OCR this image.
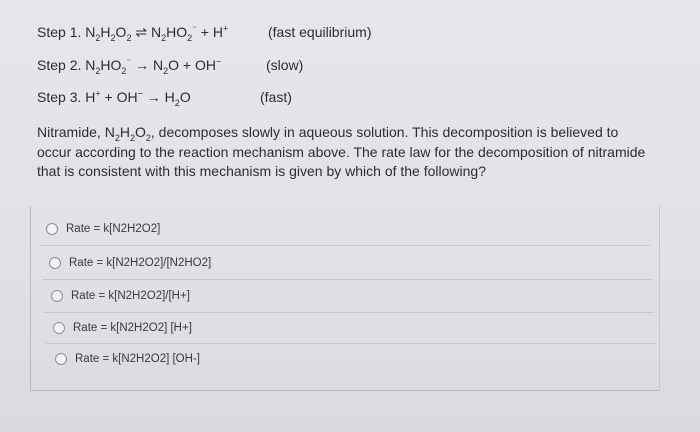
Step 1. $N_2H_2O_2$ ⇌ $N_2HO_2^{^-} + H^+$	(fast equilibrium)
Step 2. $N_2HO_2^{^-} \to N_2O + OH^-$	(slow)
Step 3. $H^+ + OH^- \to H_2O$	(fast)
Nitramide, $N_2H_2O_2$, decomposes slowly in aqueous solution. This decomposition is believed to
occur according to the reaction mechanism above. The rate law for the decomposition of nitramide
that is consistent with this mechanism is given by which of the following?
Rate = k[N2H2O2]
Rate = k[N2H2O2]/[N2HO2]
Rate = k[N2H2O2]/[H+]
Rate = k[N2H2O2] [H+]
Rate = k[N2H2O2] [OH-]
